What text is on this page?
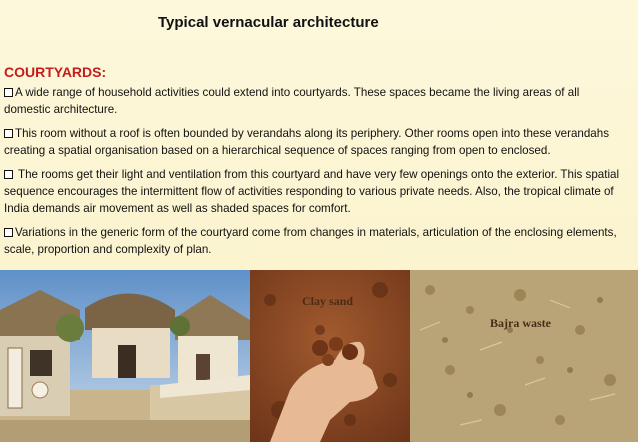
Typical vernacular architecture
COURTYARDS:

A wide range of household activities could extend into courtyards. These spaces became the living areas of all domestic architecture.

This room without a roof is often bounded by verandahs along its periphery. Other rooms open into these verandahs creating a spatial organisation based on a hierarchical sequence of spaces ranging from open to enclosed.

The rooms get their light and ventilation from this courtyard and have very few openings onto the exterior. This spatial sequence encourages the intermittent flow of activities responding to various private needs. Also, the tropical climate of India demands air movement as well as shaded spaces for comfort.

Variations in the generic form of the courtyard come from changes in materials, articulation of the enclosing elements, scale, proportion and complexity of plan.

Clay sand
Bajra waste
